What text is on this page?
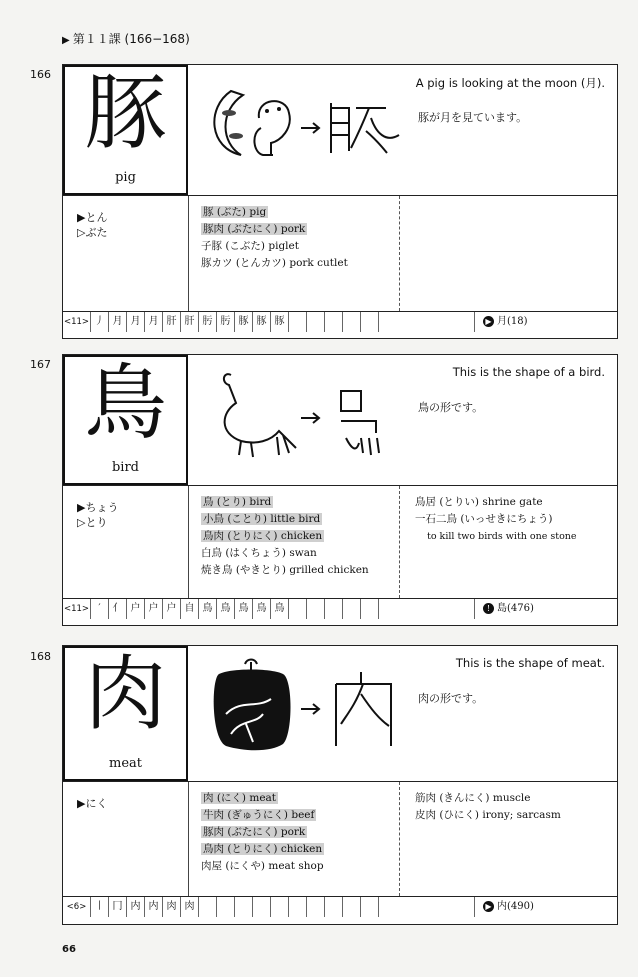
▶ 第１１課 (166−168)
166 豚
pig
A pig is looking at the moon (月).
豚が月を見ています。
▶とん
▷ぶた
豚 (ぶた) pig
豚肉 (ぶたにく) pork
子豚 (こぶた) piglet
豚カツ (とんカツ) pork cutlet
<11> 丿 月 月 月 肝 肝 肟 肟 豚 豚 豚	▶ 月(18)
167 鳥
bird
This is the shape of a bird.
鳥の形です。
▶ちょう
▷とり
鳥 (とり) bird
小鳥 (ことり) little bird
鳥肉 (とりにく) chicken
白鳥 (はくちょう) swan
焼き鳥 (やきとり) grilled chicken
鳥居 (とりい) shrine gate
一石二鳥 (いっせきにちょう)
to kill two birds with one stone
<11> ′	亻 户 户 户 自 鳥 鳥 鳥 鳥 鳥	! 島(476)
168 肉
meat
This is the shape of meat.
肉の形です。
▶にく	肉 (にく) meat
牛肉 (ぎゅうにく) beef
豚肉 (ぶたにく) pork
鳥肉 (とりにく) chicken
肉屋 (にくや) meat shop
筋肉 (きんにく) muscle
皮肉 (ひにく) irony; sarcasm
<6> 丨 冂 内 内 肉 肉	▶ 内(490)
66
